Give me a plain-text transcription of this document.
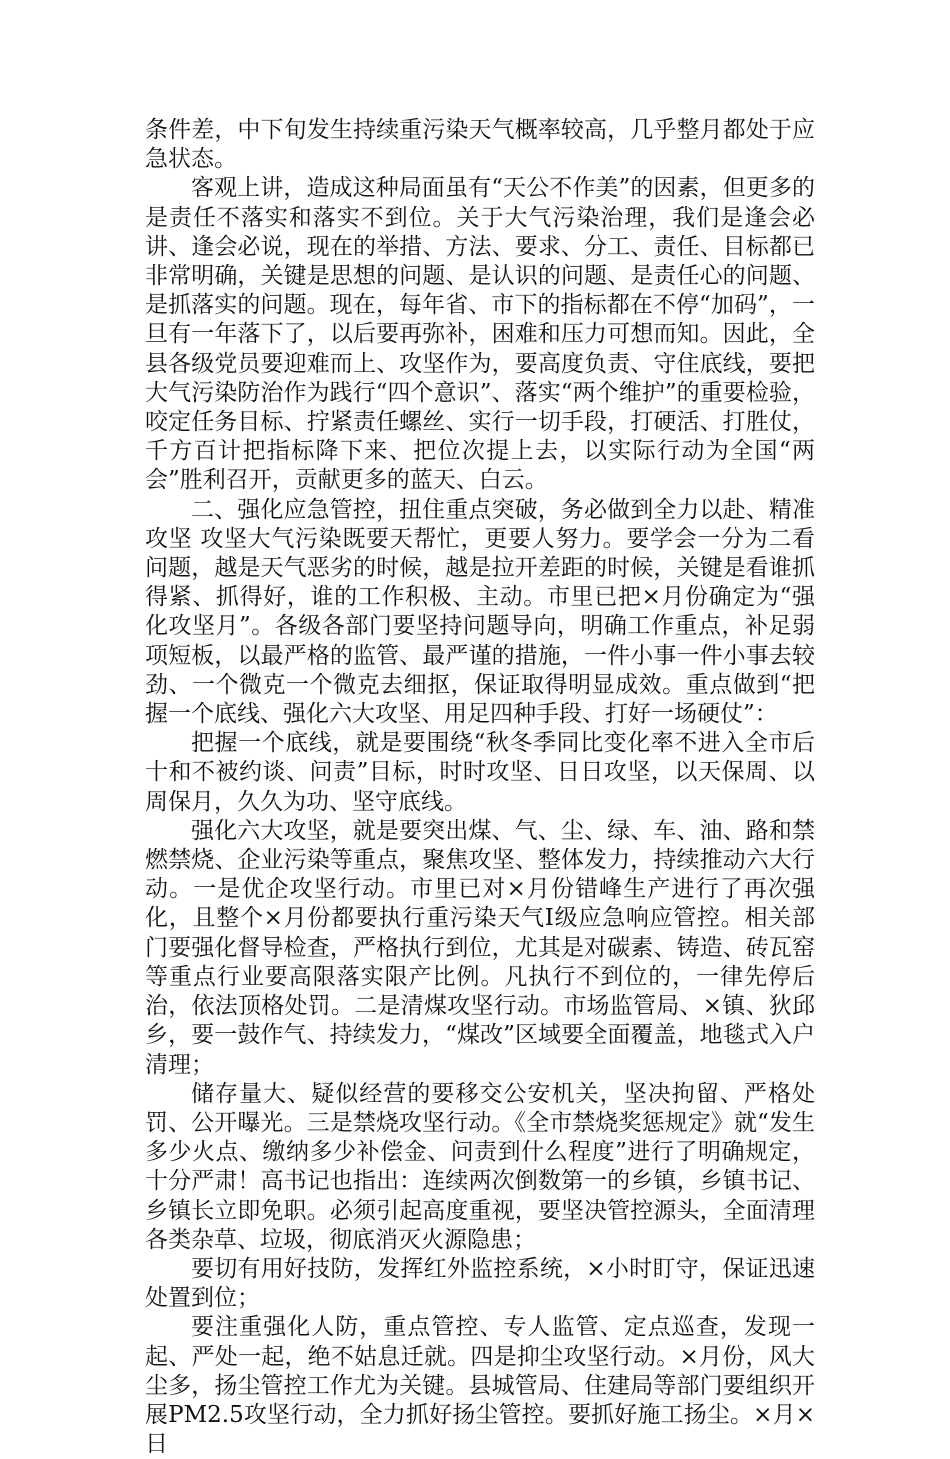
条件差，中下旬发生持续重污染天气概率较高，几乎整月都处于应急状态。

客观上讲，造成这种局面虽有“天公不作美”的因素，但更多的是责任不落实和落实不到位。关于大气污染治理，我们是逢会必讲、逢会必说，现在的举措、方法、要求、分工、责任、目标都已非常明确，关键是思想的问题、是认识的问题、是责任心的问题、是抓落实的问题。现在，每年省、市下的指标都在不停“加码”，一旦有一年落下了，以后要再弥补，困难和压力可想而知。因此，全县各级党员要迎难而上、攻坚作为，要高度负责、守住底线，要把大气污染防治作为践行“四个意识”、落实“两个维护”的重要检验，咬定任务目标、拧紧责任螺丝、实行一切手段，打硬活、打胜仗，千方百计把指标降下来、把位次提上去，以实际行动为全国“两会”胜利召开，贡献更多的蓝天、白云。

二、强化应急管控，扭住重点突破，务必做到全力以赴、精准攻坚 攻坚大气污染既要天帮忙，更要人努力。要学会一分为二看问题，越是天气恶劣的时候，越是拉开差距的时候，关键是看谁抓得紧、抓得好，谁的工作积极、主动。市里已把×月份确定为“强化攻坚月”。各级各部门要坚持问题导向，明确工作重点，补足弱项短板，以最严格的监管、最严谨的措施，一件小事一件小事去较劲、一个微克一个微克去细抠，保证取得明显成效。重点做到“把握一个底线、强化六大攻坚、用足四种手段、打好一场硬仗”：

把握一个底线，就是要围绕“秋冬季同比变化率不进入全市后十和不被约谈、问责”目标，时时攻坚、日日攻坚，以天保周、以周保月，久久为功、坚守底线。

强化六大攻坚，就是要突出煤、气、尘、绿、车、油、路和禁燃禁烧、企业污染等重点，聚焦攻坚、整体发力，持续推动六大行动。一是优企攻坚行动。市里已对×月份错峰生产进行了再次强化，且整个×月份都要执行重污染天气Ⅰ级应急响应管控。相关部门要强化督导检查，严格执行到位，尤其是对碳素、铸造、砖瓦窑等重点行业要高限落实限产比例。凡执行不到位的，一律先停后治，依法顶格处罚。二是清煤攻坚行动。市场监管局、×镇、狄邱乡，要一鼓作气、持续发力，“煤改”区域要全面覆盖，地毯式入户清理；

储存量大、疑似经营的要移交公安机关，坚决拘留、严格处罚、公开曝光。三是禁烧攻坚行动。《全市禁烧奖惩规定》就“发生多少火点、缴纳多少补偿金、问责到什么程度”进行了明确规定，十分严肃！高书记也指出：连续两次倒数第一的乡镇，乡镇书记、乡镇长立即免职。必须引起高度重视，要坚决管控源头，全面清理各类杂草、垃圾，彻底消灭火源隐患；

要切有用好技防，发挥红外监控系统，×小时盯守，保证迅速处置到位；

要注重强化人防，重点管控、专人监管、定点巡查，发现一起、严处一起，绝不姑息迁就。四是抑尘攻坚行动。×月份，风大尘多，扬尘管控工作尤为关键。县城管局、住建局等部门要组织开展PM2.5攻坚行动，全力抓好扬尘管控。要抓好施工扬尘。×月×日
